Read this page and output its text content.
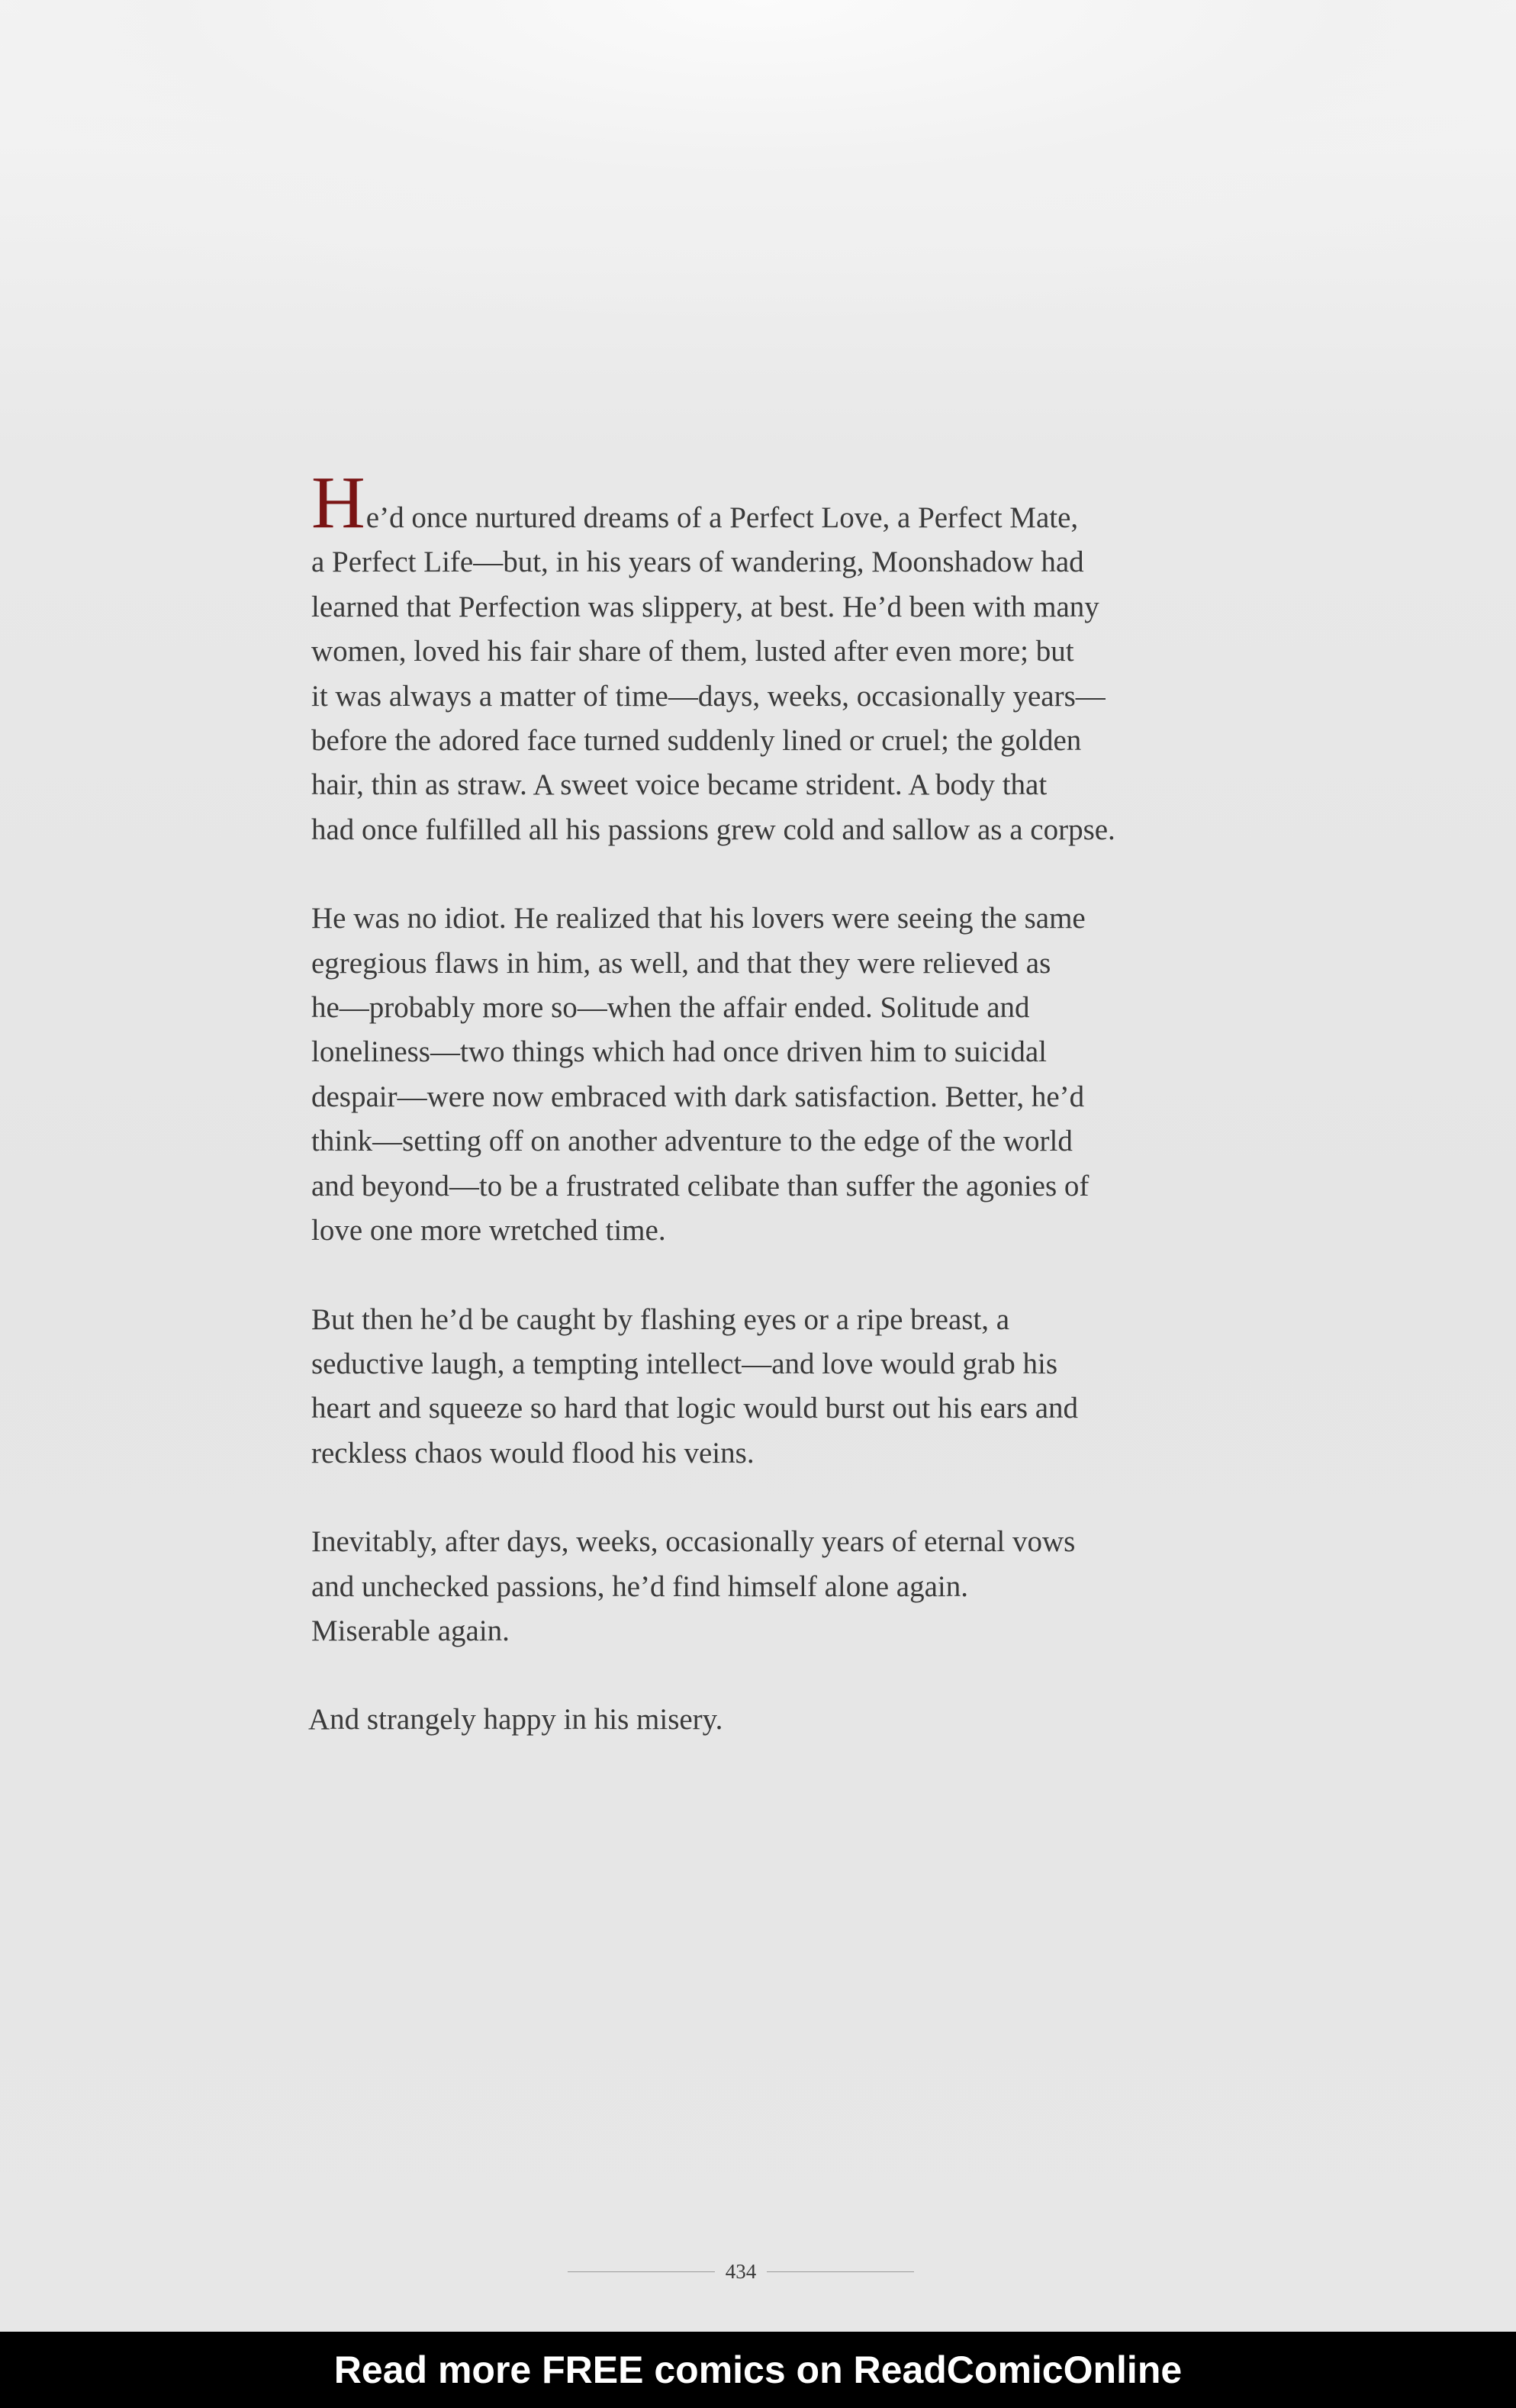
He’d once nurtured dreams of a Perfect Love, a Perfect Mate,
a Perfect Life—but, in his years of wandering, Moonshadow had
learned that Perfection was slippery, at best. He’d been with many
women, loved his fair share of them, lusted after even more; but
it was always a matter of time—days, weeks, occasionally years—
before the adored face turned suddenly lined or cruel; the golden
hair, thin as straw. A sweet voice became strident. A body that
had once fulfilled all his passions grew cold and sallow as a corpse.

He was no idiot. He realized that his lovers were seeing the same
egregious flaws in him, as well, and that they were relieved as
he—probably more so—when the affair ended. Solitude and
loneliness—two things which had once driven him to suicidal
despair—were now embraced with dark satisfaction. Better, he’d
think—setting off on another adventure to the edge of the world
and beyond—to be a frustrated celibate than suffer the agonies of
love one more wretched time.

But then he’d be caught by flashing eyes or a ripe breast, a
seductive laugh, a tempting intellect—and love would grab his
heart and squeeze so hard that logic would burst out his ears and
reckless chaos would flood his veins.

Inevitably, after days, weeks, occasionally years of eternal vows
and unchecked passions, he’d find himself alone again.
Miserable again.

And strangely happy in his misery.

434
Read more FREE comics on ReadComicOnline
